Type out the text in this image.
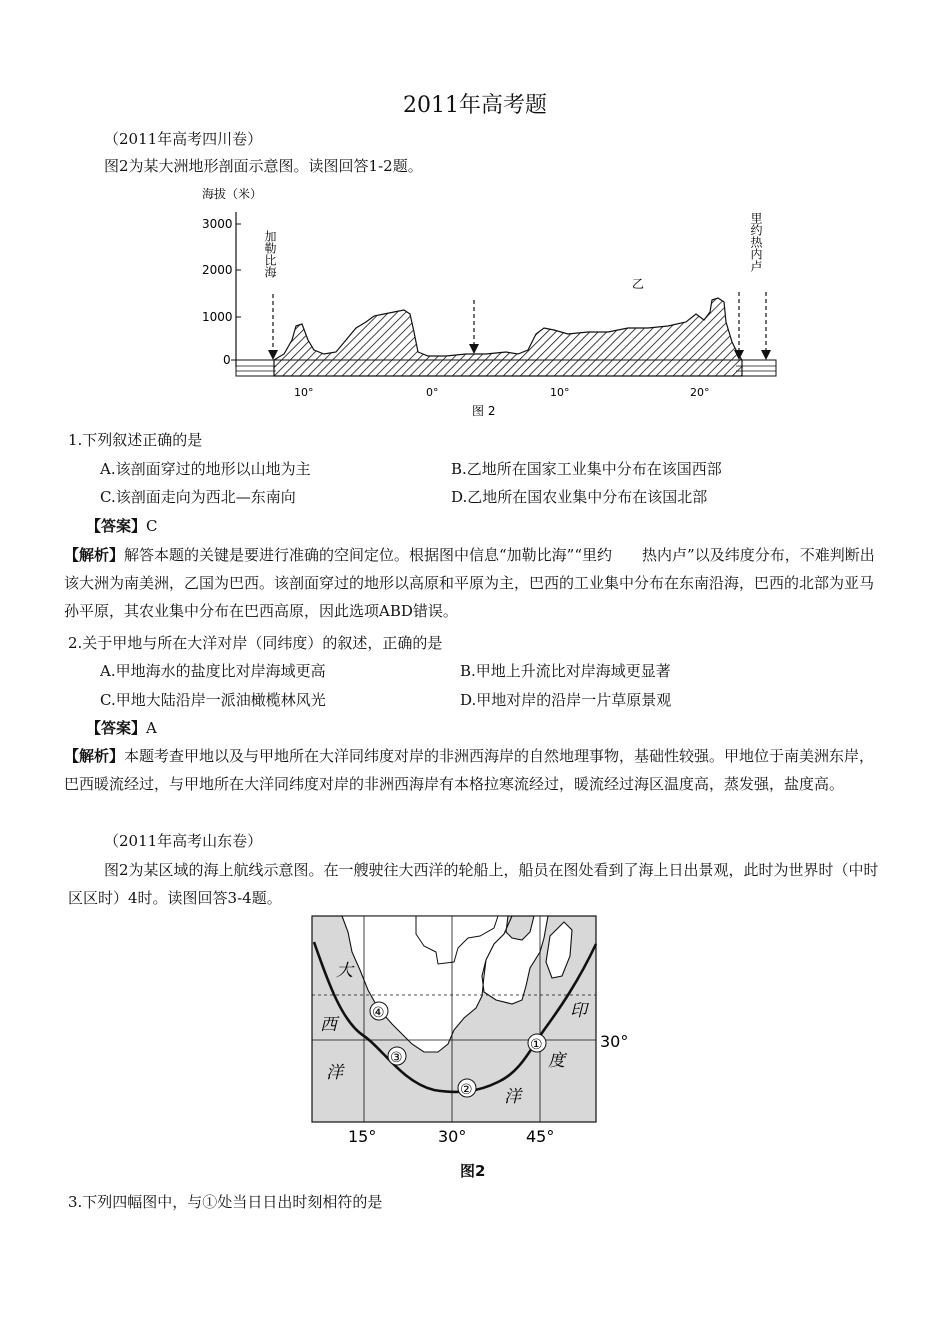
2011年高考题
（2011年高考四川卷）
图2为某大洲地形剖面示意图。读图回答1-2题。
海拔（米）
3000
2000
1000
0
加勒比海	里约热内卢
乙
10°	0°	10°	20°
图 2
1.下列叙述正确的是
A.该剖面穿过的地形以山地为主	B.乙地所在国家工业集中分布在该国西部
C.该剖面走向为西北—东南向	D.乙地所在国农业集中分布在该国北部
【答案】C
【解析】解答本题的关键是要进行准确的空间定位。根据图中信息“加勒比海”“里约　　热内卢”以及纬度分布，不难判断出该大洲为南美洲，乙国为巴西。该剖面穿过的地形以高原和平原为主，巴西的工业集中分布在东南沿海，巴西的北部为亚马孙平原，其农业集中分布在巴西高原，因此选项ABD错误。
2.关于甲地与所在大洋对岸（同纬度）的叙述，正确的是
A.甲地海水的盐度比对岸海域更高	B.甲地上升流比对岸海域更显著
C.甲地大陆沿岸一派油橄榄林风光	D.甲地对岸的沿岸一片草原景观
【答案】A
【解析】本题考查甲地以及与甲地所在大洋同纬度对岸的非洲西海岸的自然地理事物，基础性较强。甲地位于南美洲东岸，巴西暖流经过，与甲地所在大洋同纬度对岸的非洲西海岸有本格拉寒流经过，暖流经过海区温度高，蒸发强，盐度高。
（2011年高考山东卷）
图2为某区域的海上航线示意图。在一艘驶往大西洋的轮船上，船员在图处看到了海上日出景观，此时为世界时（中时区区时）4时。读图回答3-4题。
大
西
洋
印
度
洋
①
②
③
④
30°
15°	30°	45°
图2
3.下列四幅图中，与①处当日日出时刻相符的是
